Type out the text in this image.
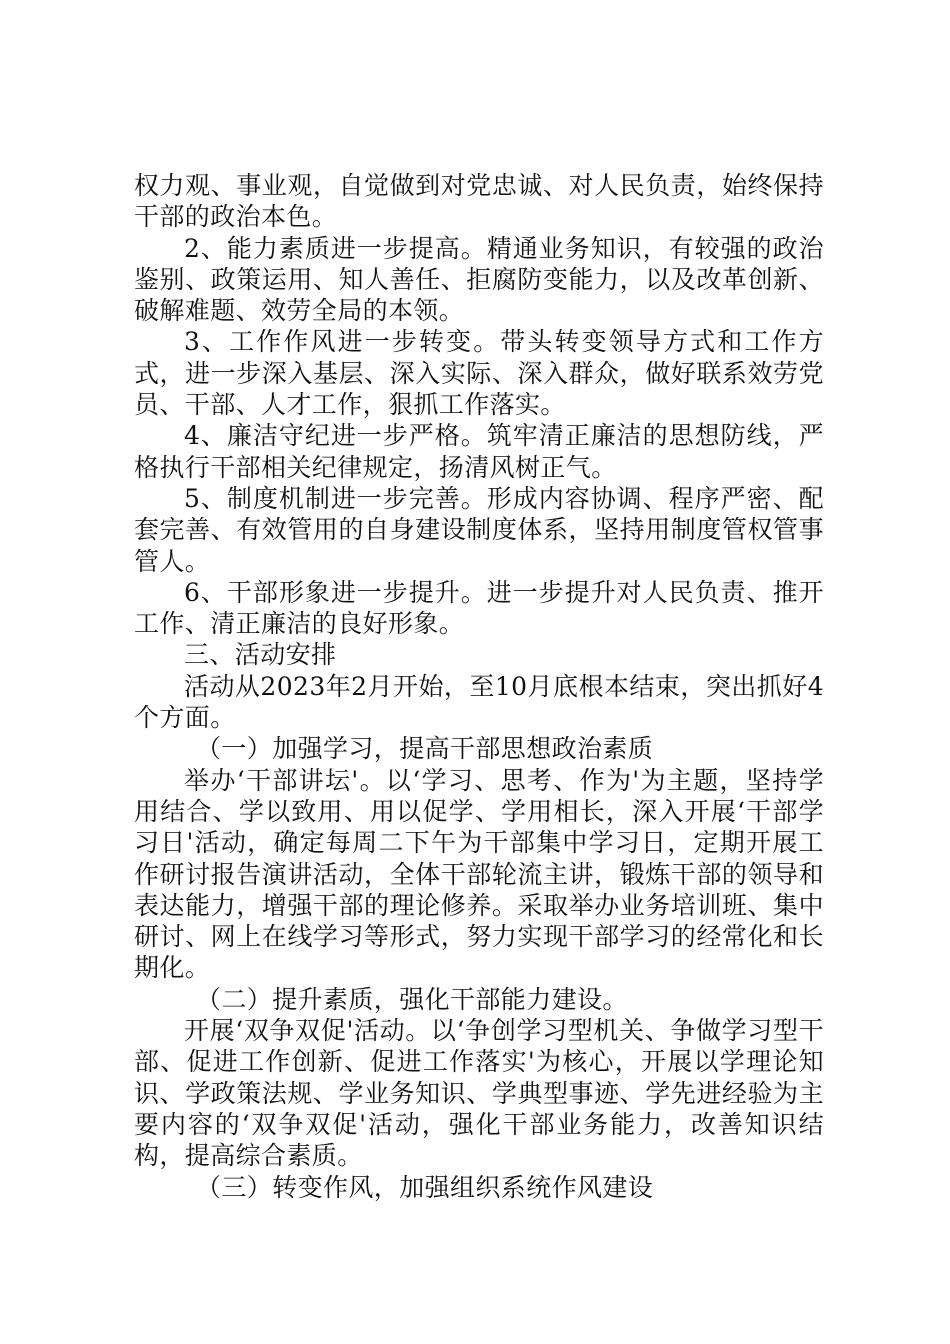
权力观、事业观，自觉做到对党忠诚、对人民负责，始终保持干部的政治本色。

2、能力素质进一步提高。精通业务知识，有较强的政治鉴别、政策运用、知人善任、拒腐防变能力，以及改革创新、破解难题、效劳全局的本领。

3、工作作风进一步转变。带头转变领导方式和工作方式，进一步深入基层、深入实际、深入群众，做好联系效劳党员、干部、人才工作，狠抓工作落实。

4、廉洁守纪进一步严格。筑牢清正廉洁的思想防线，严格执行干部相关纪律规定，扬清风树正气。

5、制度机制进一步完善。形成内容协调、程序严密、配套完善、有效管用的自身建设制度体系，坚持用制度管权管事管人。

6、干部形象进一步提升。进一步提升对人民负责、推开工作、清正廉洁的良好形象。

三、活动安排

活动从2023年2月开始，至10月底根本结束，突出抓好4个方面。

（一）加强学习，提高干部思想政治素质

举办‘干部讲坛'。以‘学习、思考、作为'为主题，坚持学用结合、学以致用、用以促学、学用相长，深入开展‘干部学习日'活动，确定每周二下午为干部集中学习日，定期开展工作研讨报告演讲活动，全体干部轮流主讲，锻炼干部的领导和表达能力，增强干部的理论修养。采取举办业务培训班、集中研讨、网上在线学习等形式，努力实现干部学习的经常化和长期化。

（二）提升素质，强化干部能力建设。

开展‘双争双促'活动。以‘争创学习型机关、争做学习型干部、促进工作创新、促进工作落实'为核心，开展以学理论知识、学政策法规、学业务知识、学典型事迹、学先进经验为主要内容的‘双争双促'活动，强化干部业务能力，改善知识结构，提高综合素质。

（三）转变作风，加强组织系统作风建设
